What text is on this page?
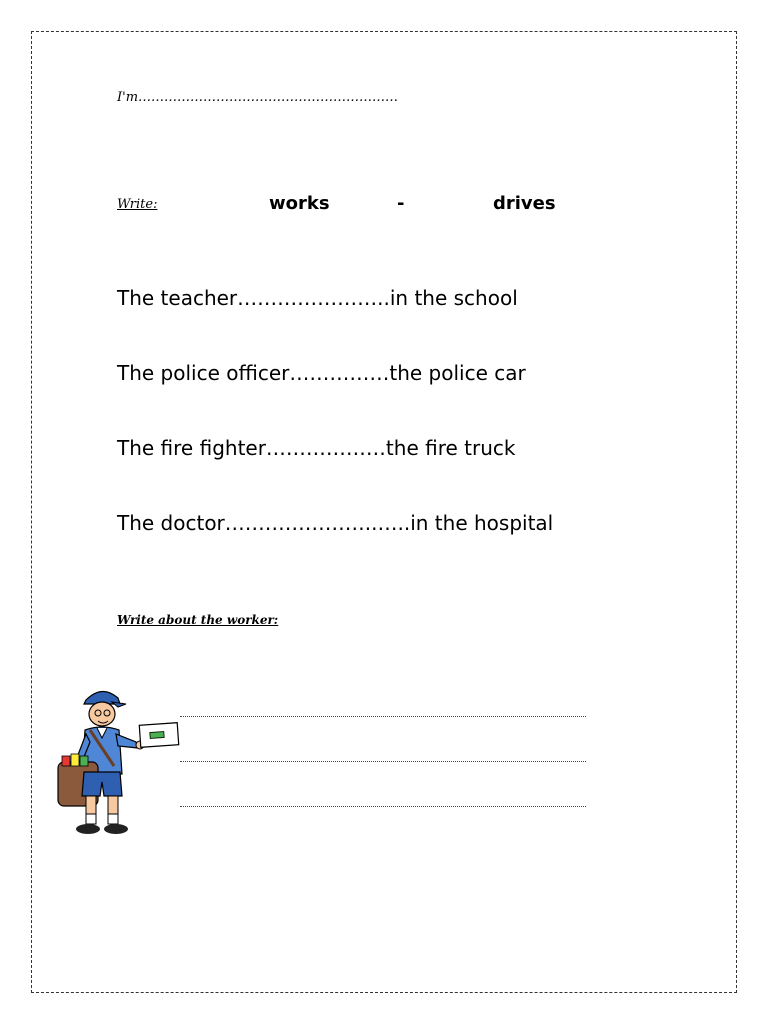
I'm……………………………………………………
Write:	works	-	drives
The teacher…………………..in the school
The police officer……………the police car
The fire fighter………………the fire truck
The doctor…………………..…..in the hospital
Write about the worker:
